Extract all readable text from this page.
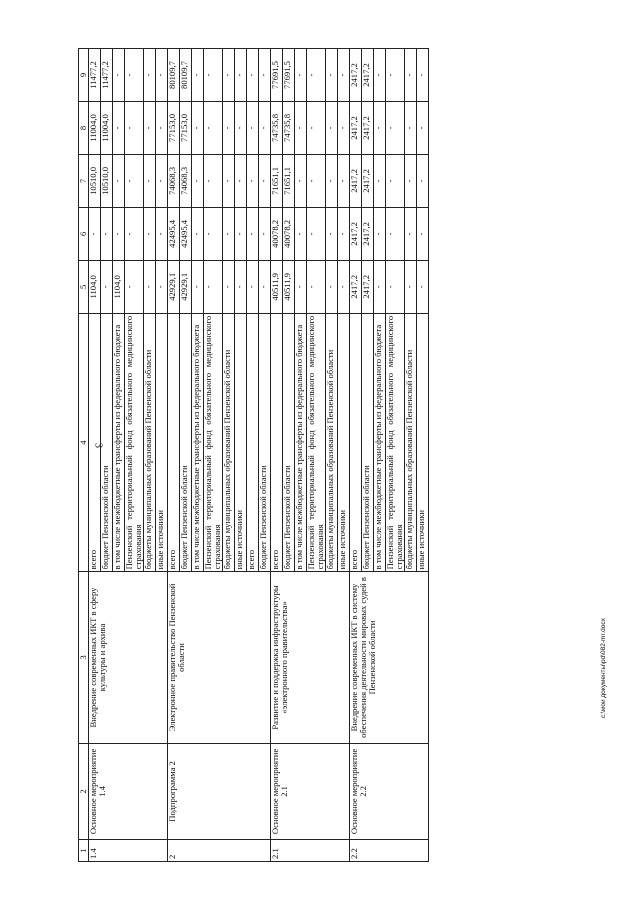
3
1	2	3	4	5	6	7	8	9
1.4	Основное мероприятие 1.4	Внедрение современных ИКТ в сферу культуры и архива	всего	1104,0	-	10510,0	11004,0	11477,2
			бюджет Пензенской области	-	-	10510,0	11004,0	11477,2
			в том числе межбюджетные трансферты из федерального бюджета	1104,0	-	-	-	-
			Пензенский территориальный фонд обязательного медицинского страхования	-	-	-	-	-
			бюджеты муниципальных образований Пензенской области	-	-	-	-	-
			иные источники	-	-	-	-	-
2	Подпрограмма 2	Электронное правительство Пензенской области	всего	42929,1	42495,4	74068,3	77153,0	80109,7
			бюджет Пензенской области	42929,1	42495,4	74068,3	77153,0	80109,7
			в том числе межбюджетные трансферты из федерального бюджета	-	-	-	-	-
			Пензенский территориальный фонд обязательного медицинского страхования	-	-	-	-	-
			бюджеты муниципальных образований Пензенской области	-	-	-	-	-
			иные источники	-	-	-	-	-
			всего	-	-	-	-	-
			бюджет Пензенской области	-	-	-	-	-
2.1	Основное мероприятие 2.1	Развитие и поддержка инфраструктуры «электронного правительства»	всего	40511,9	40078,2	71651,1	74735,8	77691,5
			бюджет Пензенской области	40511,9	40078,2	71651,1	74735,8	77691,5
			в том числе межбюджетные трансферты из федерального бюджета	-	-	-	-	-
			Пензенский территориальный фонд обязательного медицинского страхования	-	-	-	-	-
			бюджеты муниципальных образований Пензенской области	-	-	-	-	-
			иные источники	-	-	-	-	-
2.2	Основное мероприятие 2.2	Внедрение современных ИКТ в систему обеспечения деятельности мировых судей в Пензенской области	всего	2417,2	2417,2	2417,2	2417,2	2417,2
			бюджет Пензенской области	2417,2	2417,2	2417,2	2417,2	2417,2
			в том числе межбюджетные трансферты из федерального бюджета	-	-	-	-	-
			Пензенский территориальный фонд обязательного медицинского страхования	-	-	-	-	-
			бюджеты муниципальных образований Пензенской области	-	-	-	-	-
			иные источники	-	-	-	-	-
c:\мои документы\pd\082-mr.docx
